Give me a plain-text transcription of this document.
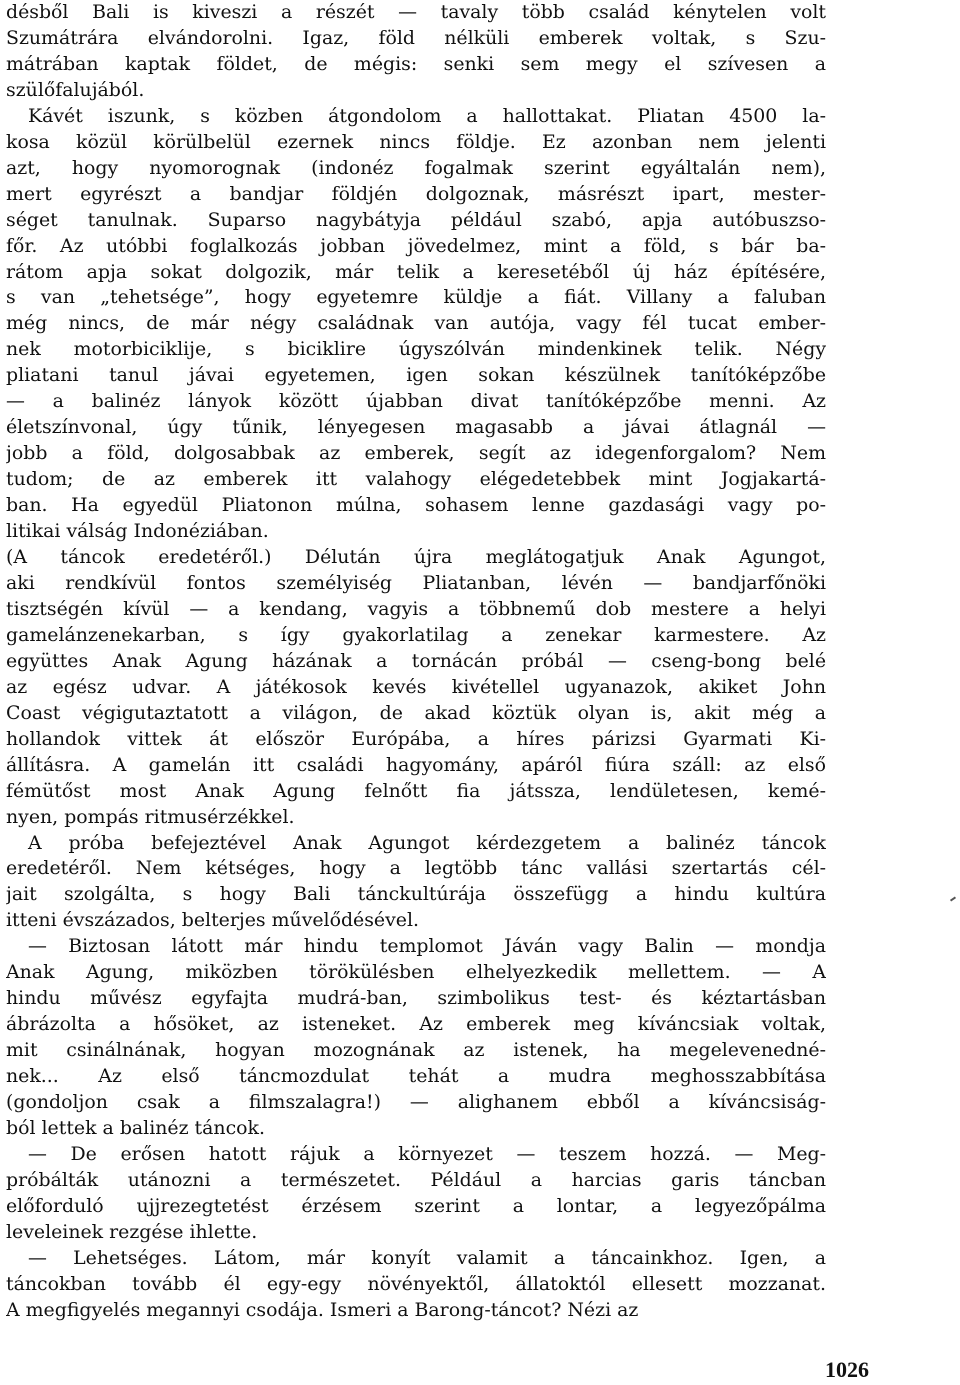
désből Bali is kiveszi a részét — tavaly több család kénytelen volt
Szumátrára elvándorolni. Igaz, föld nélküli emberek voltak, s Szu-
mátrában kaptak földet, de mégis: senki sem megy el szívesen a
szülőfalujából.
Kávét iszunk, s közben átgondolom a hallottakat. Pliatan 4500 la-
kosa közül körülbelül ezernek nincs földje. Ez azonban nem jelenti
azt, hogy nyomorognak (indonéz fogalmak szerint egyáltalán nem),
mert egyrészt a bandjar földjén dolgoznak, másrészt ipart, mester-
séget tanulnak. Suparso nagybátyja például szabó, apja autóbuszso-
főr. Az utóbbi foglalkozás jobban jövedelmez, mint a föld, s bár ba-
rátom apja sokat dolgozik, már telik a keresetéből új ház építésére,
s van „tehetsége”, hogy egyetemre küldje a fiát. Villany a faluban
még nincs, de már négy családnak van autója, vagy fél tucat ember-
nek motorbiciklije, s biciklire úgyszólván mindenkinek telik. Négy
pliatani tanul jávai egyetemen, igen sokan készülnek tanítóképzőbe
— a balinéz lányok között újabban divat tanítóképzőbe menni. Az
életszínvonal, úgy tűnik, lényegesen magasabb a jávai átlagnál —
jobb a föld, dolgosabbak az emberek, segít az idegenforgalom? Nem
tudom; de az emberek itt valahogy elégedetebbek mint Jogjakartá-
ban. Ha egyedül Pliatonon múlna, sohasem lenne gazdasági vagy po-
litikai válság Indonéziában.
(A táncok eredetéről.) Délután újra meglátogatjuk Anak Agungot,
aki rendkívül fontos személyiség Pliatanban, lévén — bandjarfőnöki
tisztségén kívül — a kendang, vagyis a többnemű dob mestere a helyi
gamelánzenekarban, s így gyakorlatilag a zenekar karmestere. Az
együttes Anak Agung házának a tornácán próbál — cseng-bong belé
az egész udvar. A játékosok kevés kivétellel ugyanazok, akiket John
Coast végigutaztatott a világon, de akad köztük olyan is, akit még a
hollandok vittek át először Európába, a híres párizsi Gyarmati Ki-
állításra. A gamelán itt családi hagyomány, apáról fiúra száll: az első
fémütőst most Anak Agung felnőtt fia játssza, lendületesen, kemé-
nyen, pompás ritmusérzékkel.
A próba befejeztével Anak Agungot kérdezgetem a balinéz táncok
eredetéről. Nem kétséges, hogy a legtöbb tánc vallási szertartás cél-
jait szolgálta, s hogy Bali tánckultúrája összefügg a hindu kultúra
itteni évszázados, belterjes művelődésével.
— Biztosan látott már hindu templomot Jáván vagy Balin — mondja
Anak Agung, miközben törökülésben elhelyezkedik mellettem. — A
hindu művész egyfajta mudrá-ban, szimbolikus test- és kéztartásban
ábrázolta a hősöket, az isteneket. Az emberek meg kíváncsiak voltak,
mit csinálnának, hogyan mozognának az istenek, ha megelevenedné-
nek... Az első táncmozdulat tehát a mudra meghosszabbítása
(gondoljon csak a filmszalagra!) — alighanem ebből a kíváncsiság-
ból lettek a balinéz táncok.
— De erősen hatott rájuk a környezet — teszem hozzá. — Meg-
próbálták utánozni a természetet. Például a harcias garis táncban
előforduló ujjrezegtetést érzésem szerint a lontar, a legyezőpálma
leveleinek rezgése ihlette.
— Lehetséges. Látom, már konyít valamit a táncainkhoz. Igen, a
táncokban tovább él egy-egy növényektől, állatoktól ellesett mozzanat.
A megfigyelés megannyi csodája. Ismeri a Barong-táncot? Nézi az
1026
